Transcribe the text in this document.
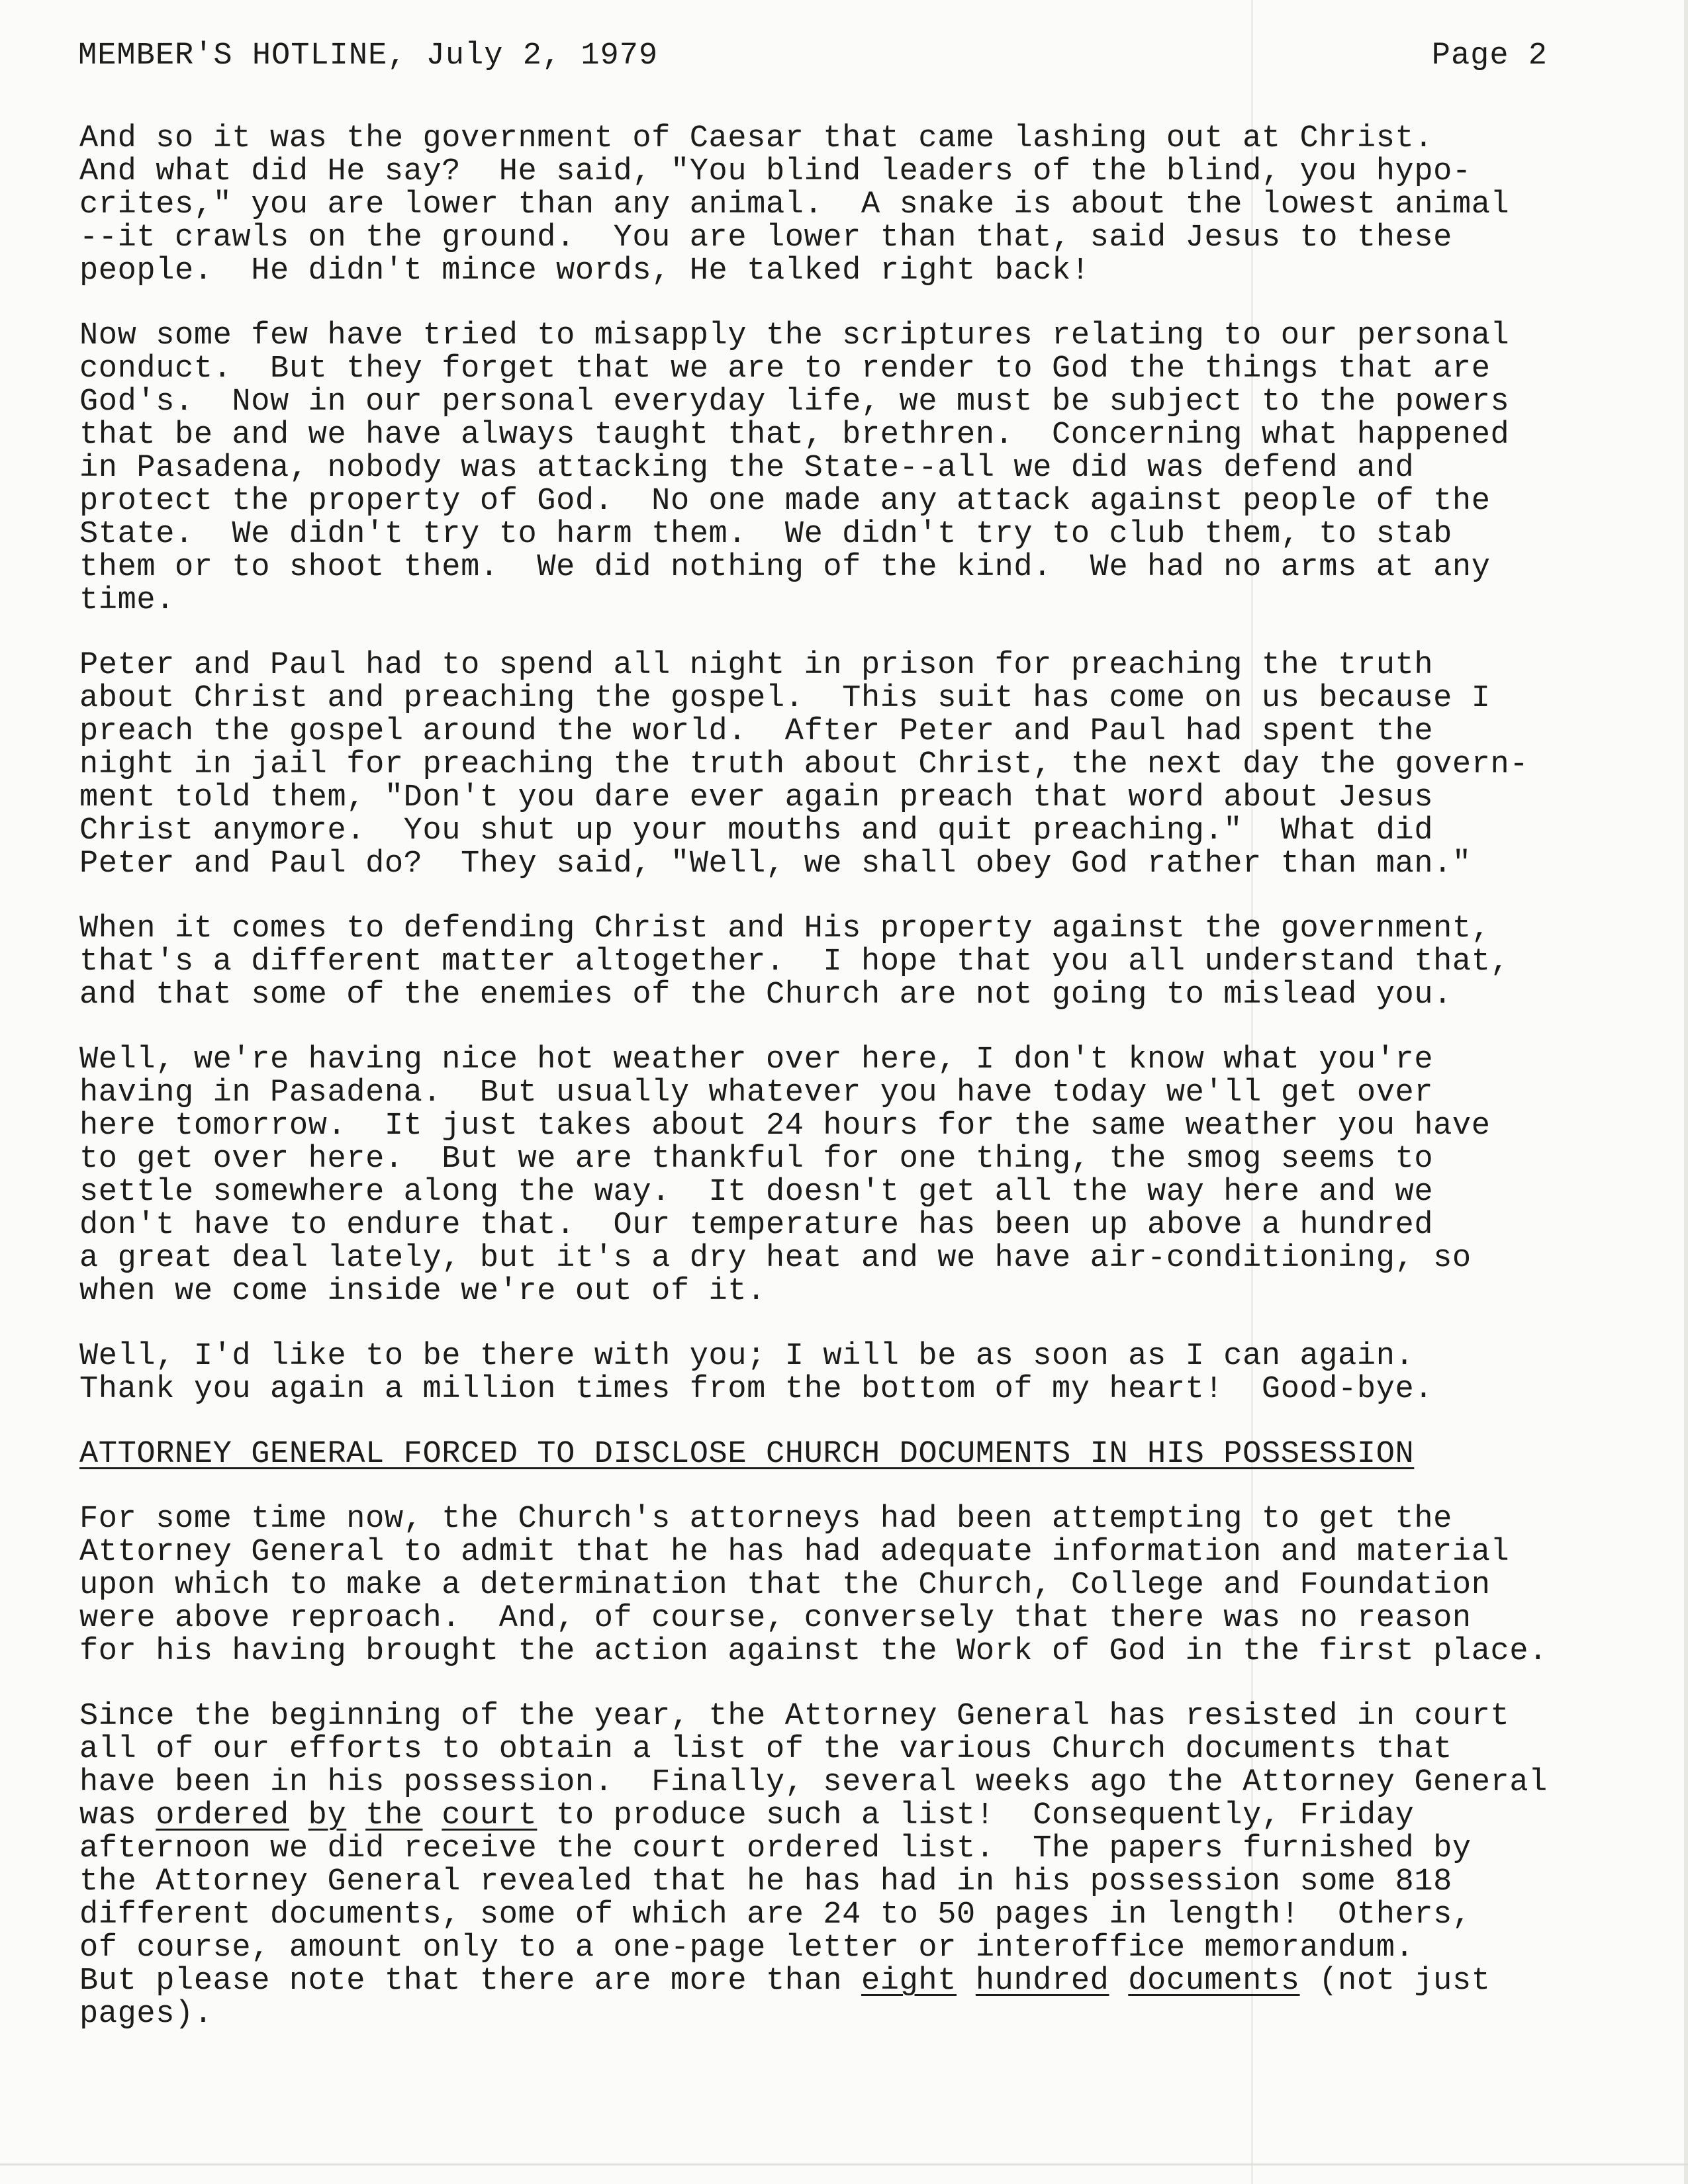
MEMBER'S HOTLINE, July 2, 1979	Page 2
And so it was the government of Caesar that came lashing out at Christ.
And what did He say?  He said, "You blind leaders of the blind, you hypo-
crites," you are lower than any animal.  A snake is about the lowest animal
--it crawls on the ground.  You are lower than that, said Jesus to these
people.  He didn't mince words, He talked right back!
Now some few have tried to misapply the scriptures relating to our personal
conduct.  But they forget that we are to render to God the things that are
God's.  Now in our personal everyday life, we must be subject to the powers
that be and we have always taught that, brethren.  Concerning what happened
in Pasadena, nobody was attacking the State--all we did was defend and
protect the property of God.  No one made any attack against people of the
State.  We didn't try to harm them.  We didn't try to club them, to stab
them or to shoot them.  We did nothing of the kind.  We had no arms at any
time.
Peter and Paul had to spend all night in prison for preaching the truth
about Christ and preaching the gospel.  This suit has come on us because I
preach the gospel around the world.  After Peter and Paul had spent the
night in jail for preaching the truth about Christ, the next day the govern-
ment told them, "Don't you dare ever again preach that word about Jesus
Christ anymore.  You shut up your mouths and quit preaching."  What did
Peter and Paul do?  They said, "Well, we shall obey God rather than man."
When it comes to defending Christ and His property against the government,
that's a different matter altogether.  I hope that you all understand that,
and that some of the enemies of the Church are not going to mislead you.
Well, we're having nice hot weather over here, I don't know what you're
having in Pasadena.  But usually whatever you have today we'll get over
here tomorrow.  It just takes about 24 hours for the same weather you have
to get over here.  But we are thankful for one thing, the smog seems to
settle somewhere along the way.  It doesn't get all the way here and we
don't have to endure that.  Our temperature has been up above a hundred
a great deal lately, but it's a dry heat and we have air-conditioning, so
when we come inside we're out of it.
Well, I'd like to be there with you; I will be as soon as I can again.
Thank you again a million times from the bottom of my heart!  Good-bye.
ATTORNEY GENERAL FORCED TO DISCLOSE CHURCH DOCUMENTS IN HIS POSSESSION
For some time now, the Church's attorneys had been attempting to get the
Attorney General to admit that he has had adequate information and material
upon which to make a determination that the Church, College and Foundation
were above reproach.  And, of course, conversely that there was no reason
for his having brought the action against the Work of God in the first place.
Since the beginning of the year, the Attorney General has resisted in court
all of our efforts to obtain a list of the various Church documents that
have been in his possession.  Finally, several weeks ago the Attorney General
was ordered by the court to produce such a list!  Consequently, Friday
afternoon we did receive the court ordered list.  The papers furnished by
the Attorney General revealed that he has had in his possession some 818
different documents, some of which are 24 to 50 pages in length!  Others,
of course, amount only to a one-page letter or interoffice memorandum.
But please note that there are more than eight hundred documents (not just
pages).
